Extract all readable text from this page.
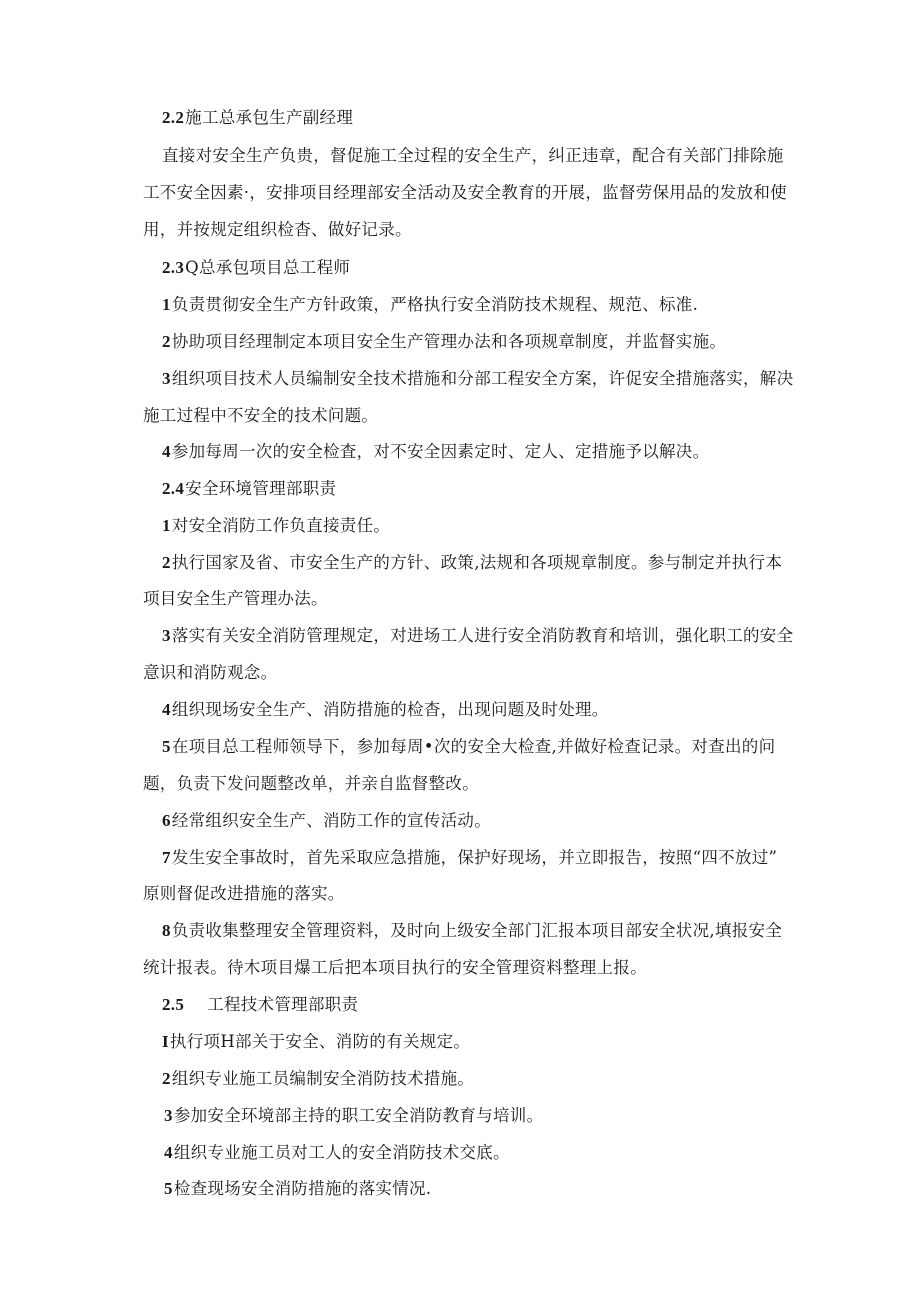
2.2施工总承包生产副经理
直接对安全生产负贵，督促施工全过程的安全生产，纠正违章，配合有关部门排除施
工不安全因素·，安排项目经理部安全活动及安全教育的开展，监督劳保用品的发放和使
用，并按规定组织检杳、做好记录。
2.3Q总承包项目总工程师
1负责贯彻安全生产方针政策，严格执行安全消防技术规程、规范、标准.
2协助项目经理制定本项目安全生产管理办法和各项规章制度，并监督实施。
3组织项目技术人员编制安全技术措施和分部工程安全方案，许促安全措施落实，解决
施工过程中不安全的技术问题。
4参加每周一次的安全检査，对不安全因素定时、定人、定措施予以解决。
2.4安全环境管理部职责
1对安全消防工作负直接责任。
2执行国家及省、市安全生产的方针、政策,法规和各项规章制度。参与制定并执行本
项目安全生产管理办法。
3落实有关安全消防管理规定，对进场工人进行安全消防教育和培训，强化职工的安全
意识和消防观念。
4组织现场安全生产、消防措施的检杳，出现问题及时处理。
5在项目总工程师领导下，参加每周•次的安全大检查,并做好检查记录。对查出的问
题，负责下发问题整改单，并亲自监督整改。
6经常组织安全生产、消防工作的宣传活动。
7发生安全事故时，首先采取应急措施，保护好现场，并立即报告，按照“四不放过”
原则督促改进措施的落实。
8负责收集整理安全管理资料，及时向上级安全部门汇报本项目部安全状况,填报安全
统计报表。待木项目爆工后把本项目执行的安全管理资料整理上报。
2.5 工程技术管理部职责
I执行项H部关于安全、消防的有关规定。
2组织专业施工员编制安全消防技术措施。
3参加安全环境部主持的职工安全消防教育与培训。
4组织专业施工员对工人的安全消防技术交底。
5检查现场安全消防措施的落实情况.
